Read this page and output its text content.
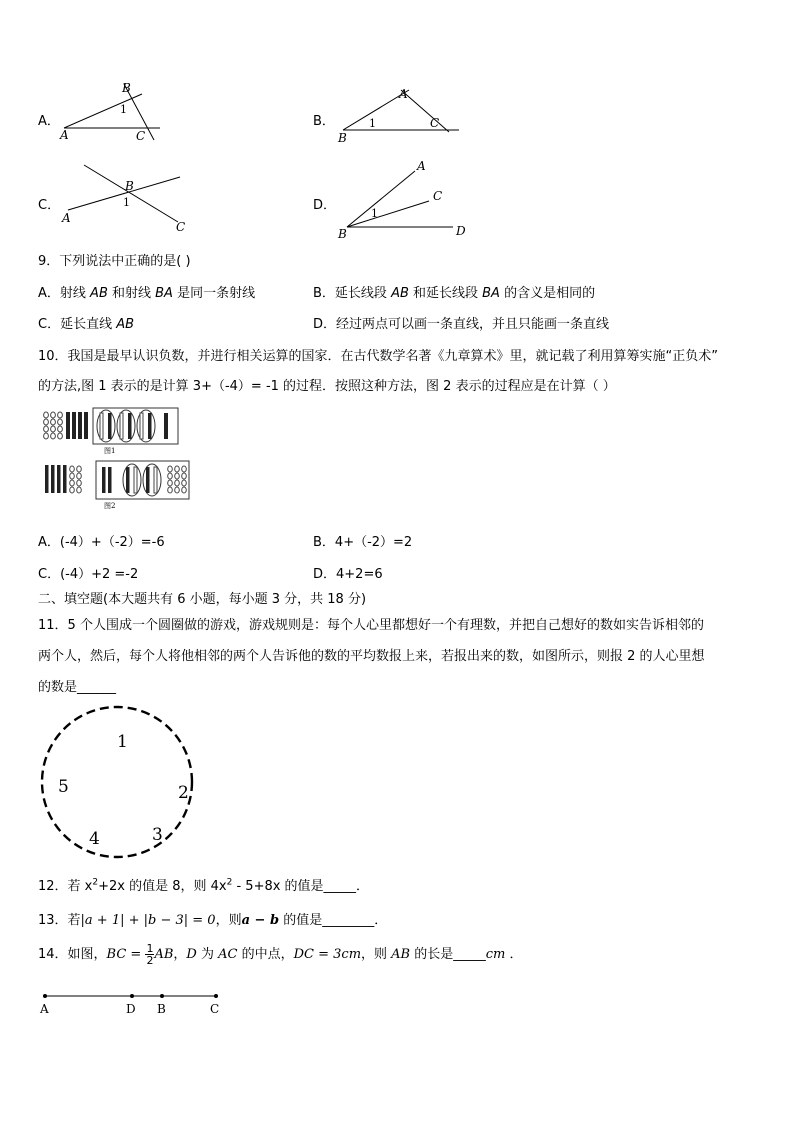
A．
B
1
A	C
B．
A
B
1	C
C．
B
1
A
C
D．
A
C
1
B	D
9．下列说法中正确的是( )
A．射线 AB 和射线 BA 是同一条射线	B．延长线段 AB 和延长线段 BA 的含义是相同的
C．延长直线 AB	D．经过两点可以画一条直线，并且只能画一条直线
10．我国是最早认识负数，并进行相关运算的国家．在古代数学名著《九章算术》里，就记载了利用算筹实施“正负术”
的方法,图 1 表示的是计算 3+（-4）= -1 的过程．按照这种方法，图 2 表示的过程应是在计算（ ）
图1
图2
A．(-4）+（-2）=-6	B．4+（-2）=2
C．(-4）+2 =-2	D．4+2=6
二、填空题(本大题共有 6 小题，每小题 3 分，共 18 分)
11．5 个人围成一个圆圈做的游戏，游戏规则是：每个人心里都想好一个有理数，并把自己想好的数如实告诉相邻的
两个人，然后，每个人将他相邻的两个人告诉他的数的平均数报上来，若报出来的数，如图所示，则报 2 的人心里想
的数是______
1
2
3
4
5
12．若 $x^2+2x$ 的值是 8，则 $4x^2 - 5+8x$ 的值是_____．
13．若|a + 1| + |b − 3| = 0，则a − b 的值是________．
14．如图，BC = $\frac{1}{2}$ AB，D 为 AC 的中点，DC = 3cm，则 AB 的长是_____cm ．
A	D B	C
